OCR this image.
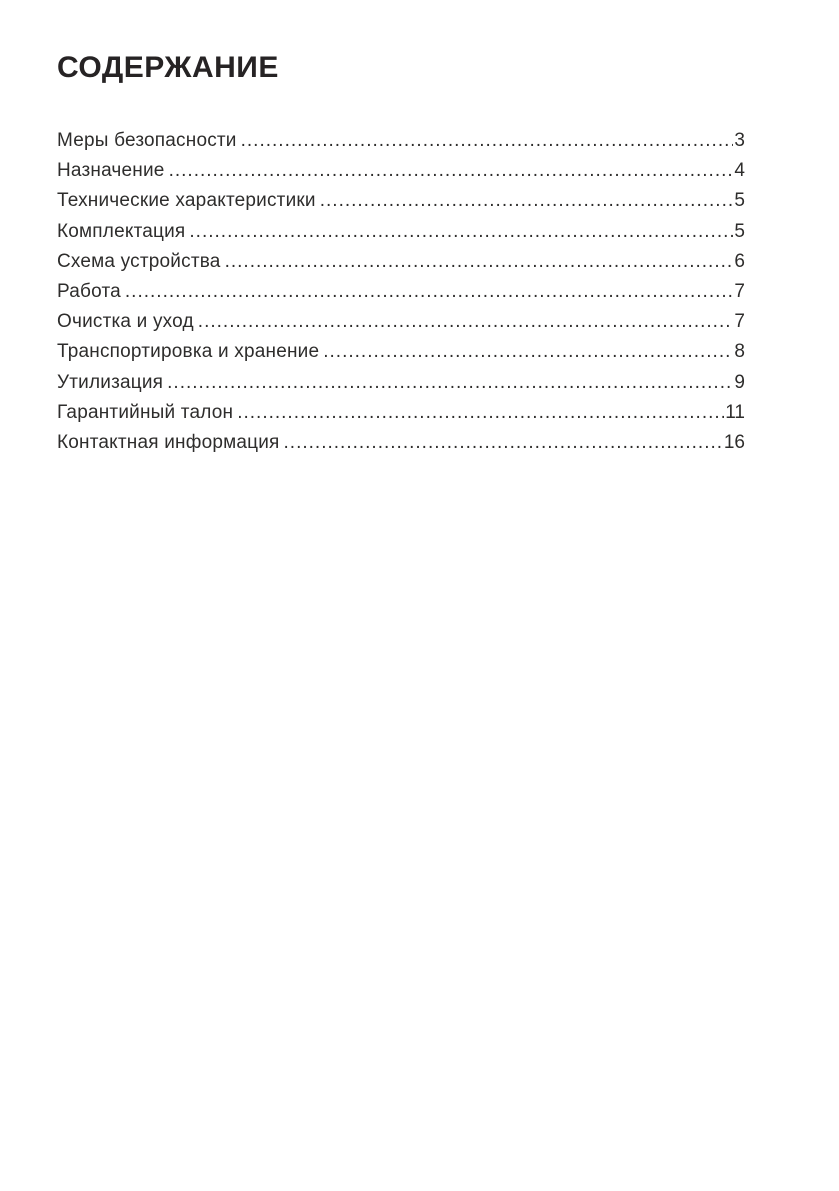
СОДЕРЖАНИЕ
Меры безопасности .....	3
Назначение .....	4
Технические характеристики .....	5
Комплектация .....	5
Схема устройства .....	6
Работа .....	7
Очистка и уход .....	7
Транспортировка и хранение .....	8
Утилизация .....	9
Гарантийный талон .....	11
Контактная информация .....	16
